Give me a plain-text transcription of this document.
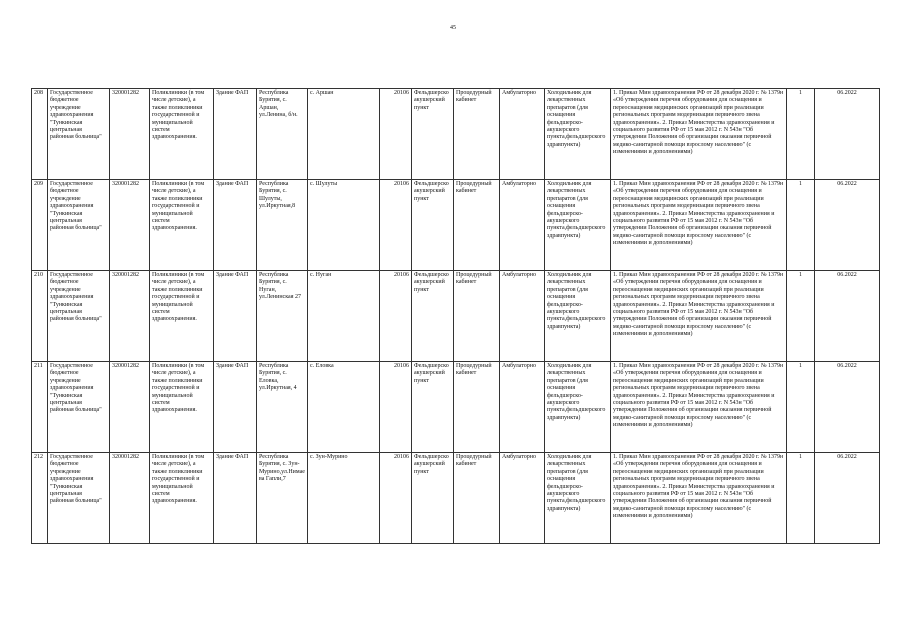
45
208	Государственное бюджетное учреждение здравоохранения "Тункинская центральная районная больница"	320001282	Поликлиники (в том числе детские), а также поликлиники государственной и муниципальной систем здравоохранения.	Здание ФАП	Республика Бурятия, с. Аршан, ул.Ленина, б/н.	с. Аршан	20106	Фельдшерско акушерский пункт	Процедурный кабинет	Амбулаторно	Холодильник для лекарственных препаратов (для оснащения фельдшерско-акушерского пункта,фельдшерского здравпункта)	1. Приказ Мин здравоохранения РФ от 28 декабря 2020 г. № 1379н «Об утверждении перечня оборудования для оснащения и переоснащения медицинских организаций при реализации региональных программ модернизации первичного звена здравоохранения». 2. Приказ Министерства здравоохранения и социального развития РФ от 15 мая 2012 г. N 543н "Об утверждении Положения об организации оказания первичной медико-санитарной помощи взрослому населению" (с изменениями и дополнениями)	1	06.2022
209	Государственное бюджетное учреждение здравоохранения "Тункинская центральная районная больница"	320001282	Поликлиники (в том числе детские), а также поликлиники государственной и муниципальной систем здравоохранения.	Здание ФАП	Республика Бурятия, с. Шулуты, ул.Иркутная,8	с. Шулуты	20106	Фельдшерско акушерский пункт	Процедурный кабинет	Амбулаторно	Холодильник для лекарственных препаратов (для оснащения фельдшерско-акушерского пункта,фельдшерского здравпункта)	1. Приказ Мин здравоохранения РФ от 28 декабря 2020 г. № 1379н «Об утверждении перечня оборудования для оснащения и переоснащения медицинских организаций при реализации региональных программ модернизации первичного звена здравоохранения». 2. Приказ Министерства здравоохранения и социального развития РФ от 15 мая 2012 г. N 543н "Об утверждении Положения об организации оказания первичной медико-санитарной помощи взрослому населению" (с изменениями и дополнениями)	1	06.2022
210	Государственное бюджетное учреждение здравоохранения "Тункинская центральная районная больница"	320001282	Поликлиники (в том числе детские), а также поликлиники государственной и муниципальной систем здравоохранения.	Здание ФАП	Республика Бурятия, с. Нуган, ул.Ленинская 27	с. Нуган	20106	Фельдшерско акушерский пункт	Процедурный кабинет	Амбулаторно	Холодильник для лекарственных препаратов (для оснащения фельдшерско-акушерского пункта,фельдшерского здравпункта)	1. Приказ Мин здравоохранения РФ от 28 декабря 2020 г. № 1379н «Об утверждении перечня оборудования для оснащения и переоснащения медицинских организаций при реализации региональных программ модернизации первичного звена здравоохранения». 2. Приказ Министерства здравоохранения и социального развития РФ от 15 мая 2012 г. N 543н "Об утверждении Положения об организации оказания первичной медико-санитарной помощи взрослому населению" (с изменениями и дополнениями)	1	06.2022
211	Государственное бюджетное учреждение здравоохранения "Тункинская центральная районная больница"	320001282	Поликлиники (в том числе детские), а также поликлиники государственной и муниципальной систем здравоохранения.	Здание ФАП	Республика Бурятия, с. Еловка, ул.Иркутная, 4	с. Еловка	20106	Фельдшерско акушерский пункт	Процедурный кабинет	Амбулаторно	Холодильник для лекарственных препаратов (для оснащения фельдшерско-акушерского пункта,фельдшерского здравпункта)	1. Приказ Мин здравоохранения РФ от 28 декабря 2020 г. № 1379н «Об утверждении перечня оборудования для оснащения и переоснащения медицинских организаций при реализации региональных программ модернизации первичного звена здравоохранения». 2. Приказ Министерства здравоохранения и социального развития РФ от 15 мая 2012 г. N 543н "Об утверждении Положения об организации оказания первичной медико-санитарной помощи взрослому населению" (с изменениями и дополнениями)	1	06.2022
212	Государственное бюджетное учреждение здравоохранения "Тункинская центральная районная больница"	320001282	Поликлиники (в том числе детские), а также поликлиники государственной и муниципальной систем здравоохранения.	Здание ФАП	Республика Бурятия, с. Зун-Мурино,ул.Нимаева Гапли,7	с. Зун-Мурино	20106	Фельдшерско акушерский пункт	Процедурный кабинет	Амбулаторно	Холодильник для лекарственных препаратов (для оснащения фельдшерско-акушерского пункта,фельдшерского здравпункта)	1. Приказ Мин здравоохранения РФ от 28 декабря 2020 г. № 1379н «Об утверждении перечня оборудования для оснащения и переоснащения медицинских организаций при реализации региональных программ модернизации первичного звена здравоохранения». 2. Приказ Министерства здравоохранения и социального развития РФ от 15 мая 2012 г. N 543н "Об утверждении Положения об организации оказания первичной медико-санитарной помощи взрослому населению" (с изменениями и дополнениями)	1	06.2022
